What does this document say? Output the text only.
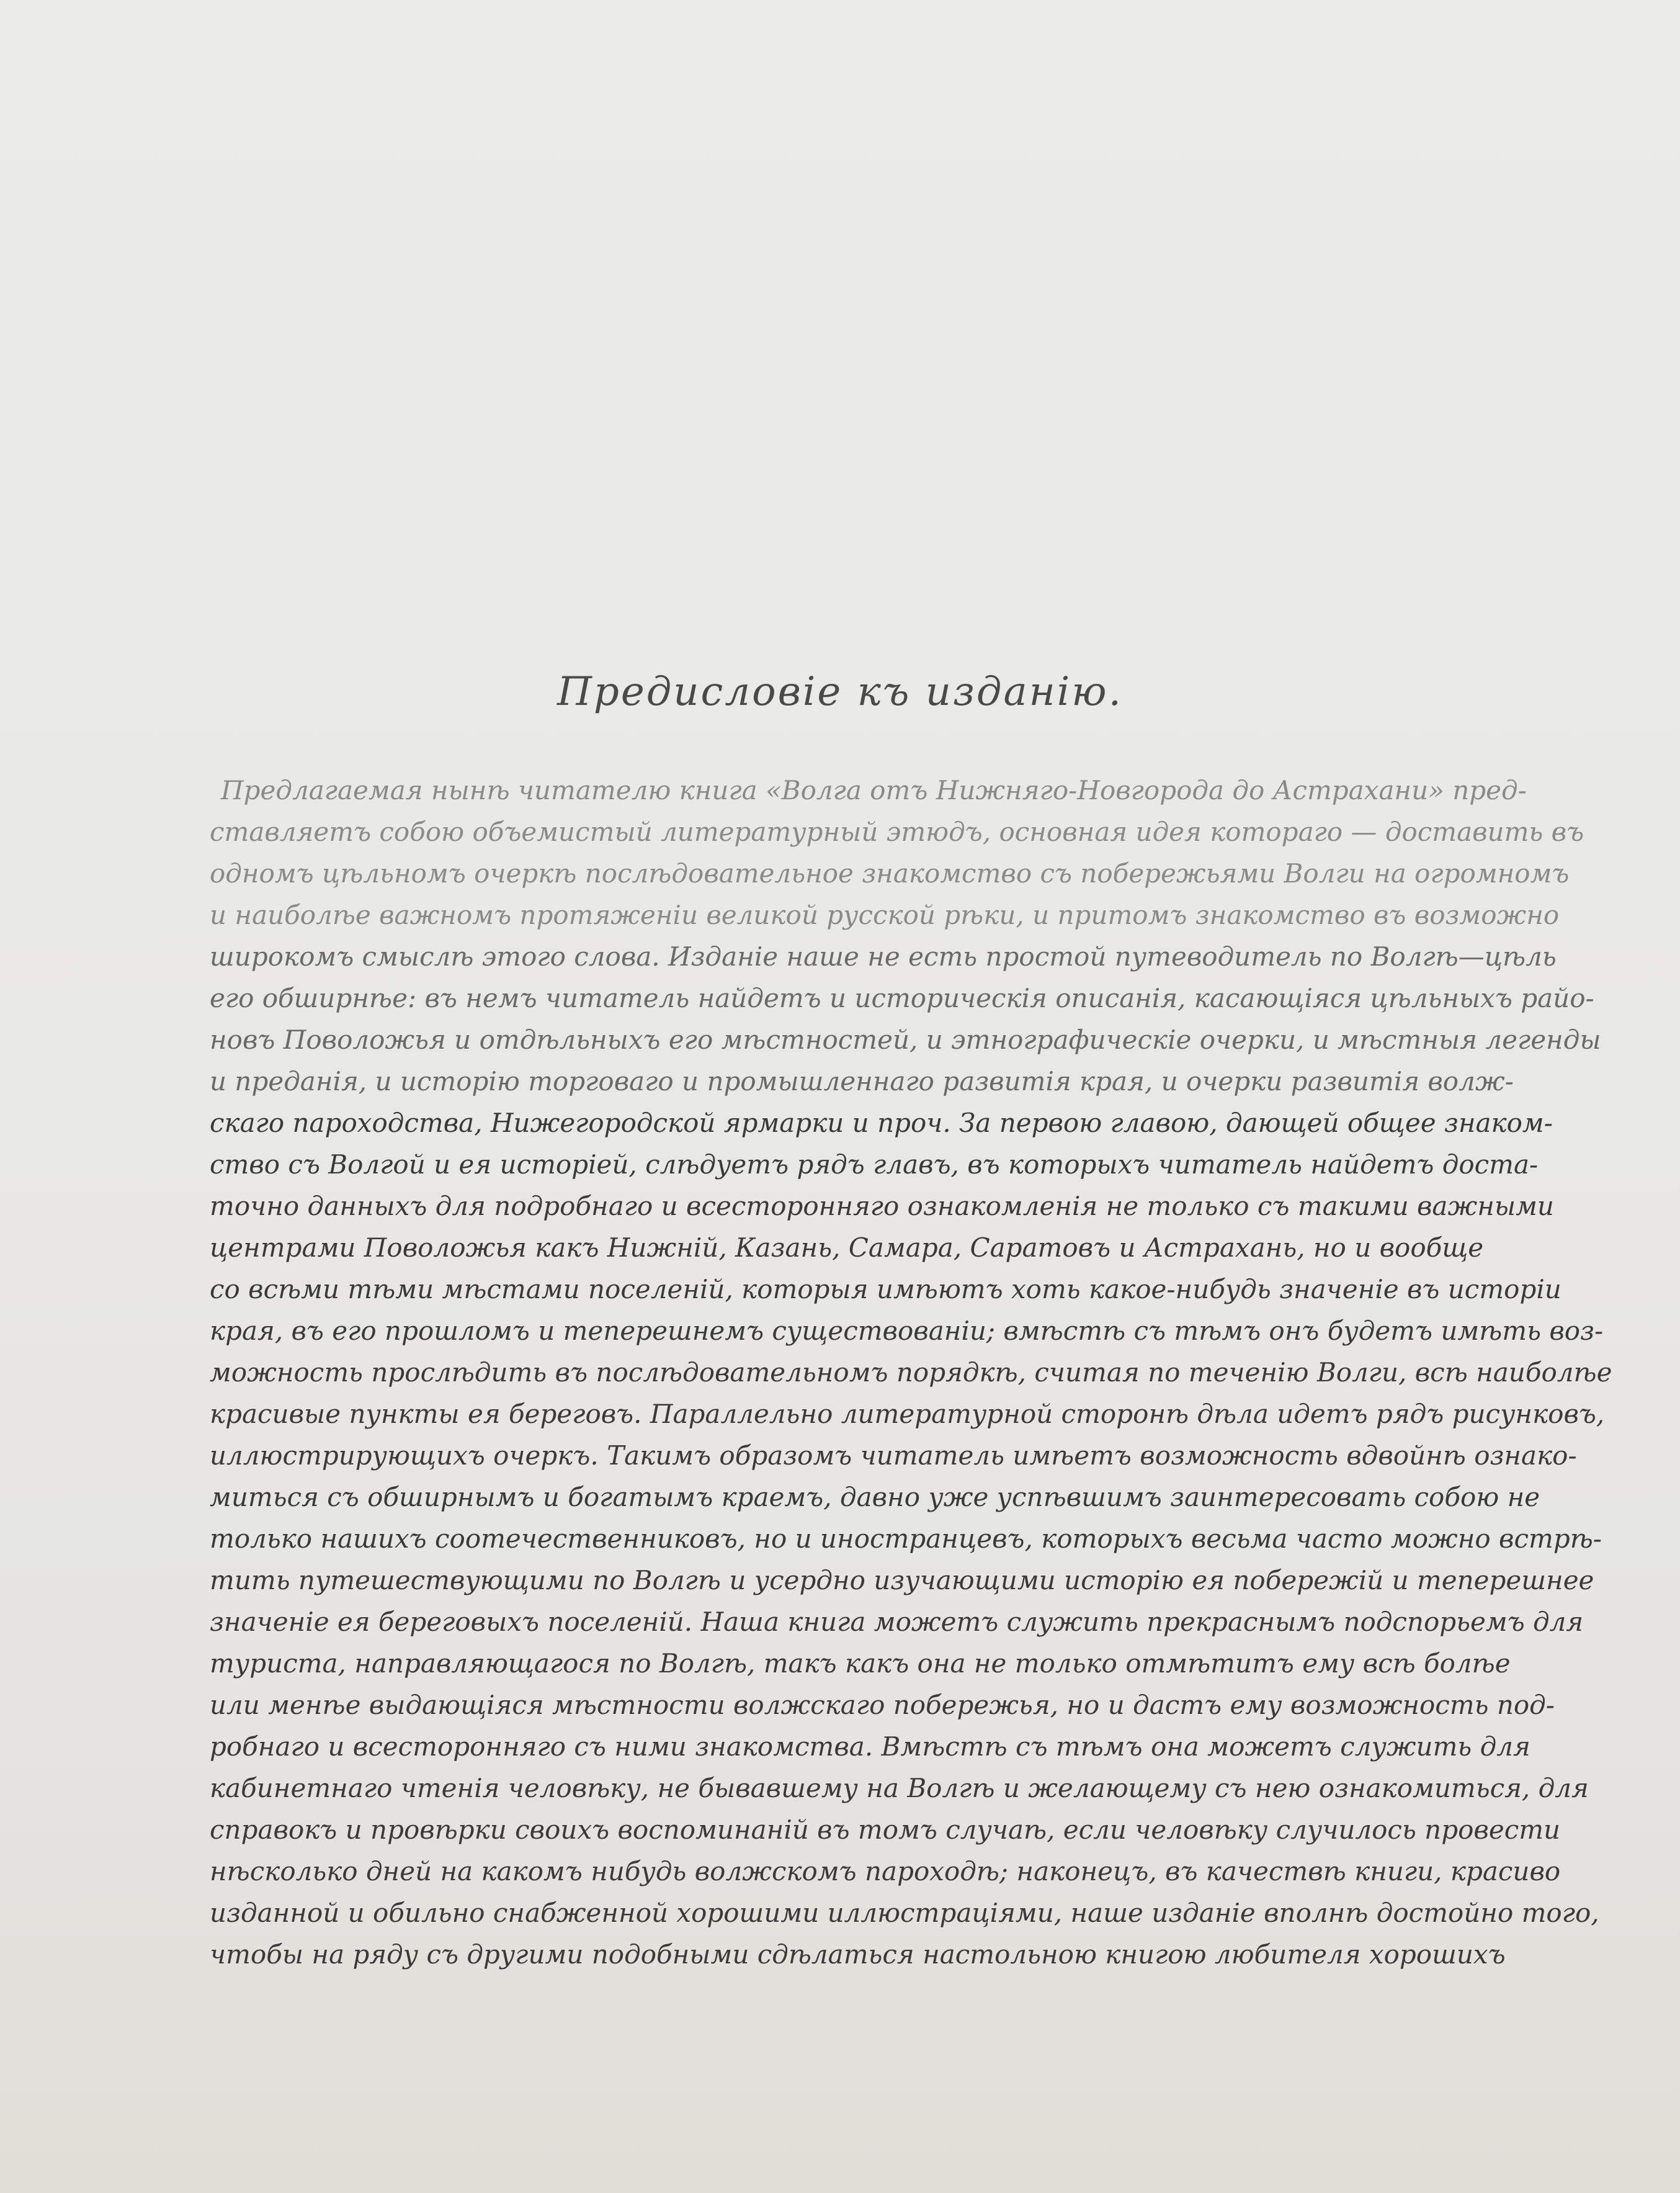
Предисловіе къ изданію.
Предлагаемая нынѣ читателю книга «Волга отъ Нижняго-Новгорода до Астрахани» пред-
ставляетъ собою объемистый литературный этюдъ, основная идея котораго — доставить въ
одномъ цѣльномъ очеркѣ послѣдовательное знакомство съ побережьями Волги на огромномъ
и наиболѣе важномъ протяженіи великой русской рѣки, и притомъ знакомство въ возможно
широкомъ смыслѣ этого слова. Изданіе наше не есть простой путеводитель по Волгѣ—цѣль
его обширнѣе: въ немъ читатель найдетъ и историческія описанія, касающіяся цѣльныхъ райо-
новъ Поволожья и отдѣльныхъ его мѣстностей, и этнографическіе очерки, и мѣстныя легенды
и преданія, и исторію торговаго и промышленнаго развитія края, и очерки развитія волж-
скаго пароходства, Нижегородской ярмарки и проч. За первою главою, дающей общее знаком-
ство съ Волгой и ея исторіей, слѣдуетъ рядъ главъ, въ которыхъ читатель найдетъ доста-
точно данныхъ для подробнаго и всесторонняго ознакомленія не только съ такими важными
центрами Поволожья какъ Нижній, Казань, Самара, Саратовъ и Астрахань, но и вообще
со всѣми тѣми мѣстами поселеній, которыя имѣютъ хоть какое-нибудь значеніе въ исторіи
края, въ его прошломъ и теперешнемъ существованіи; вмѣстѣ съ тѣмъ онъ будетъ имѣть воз-
можность прослѣдить въ послѣдовательномъ порядкѣ, считая по теченію Волги, всѣ наиболѣе
красивые пункты ея береговъ. Параллельно литературной сторонѣ дѣла идетъ рядъ рисунковъ,
иллюстрирующихъ очеркъ. Такимъ образомъ читатель имѣетъ возможность вдвойнѣ ознако-
миться съ обширнымъ и богатымъ краемъ, давно уже успѣвшимъ заинтересовать собою не
только нашихъ соотечественниковъ, но и иностранцевъ, которыхъ весьма часто можно встрѣ-
тить путешествующими по Волгѣ и усердно изучающими исторію ея побережій и теперешнее
значеніе ея береговыхъ поселеній. Наша книга можетъ служить прекраснымъ подспорьемъ для
туриста, направляющагося по Волгѣ, такъ какъ она не только отмѣтитъ ему всѣ болѣе
или менѣе выдающіяся мѣстности волжскаго побережья, но и дастъ ему возможность под-
робнаго и всесторонняго съ ними знакомства. Вмѣстѣ съ тѣмъ она можетъ служить для
кабинетнаго чтенія человѣку, не бывавшему на Волгѣ и желающему съ нею ознакомиться, для
справокъ и провѣрки своихъ воспоминаній въ томъ случаѣ, если человѣку случилось провести
нѣсколько дней на какомъ нибудь волжскомъ пароходѣ; наконецъ, въ качествѣ книги, красиво
изданной и обильно снабженной хорошими иллюстраціями, наше изданіе вполнѣ достойно того,
чтобы на ряду съ другими подобными сдѣлаться настольною книгою любителя хорошихъ
